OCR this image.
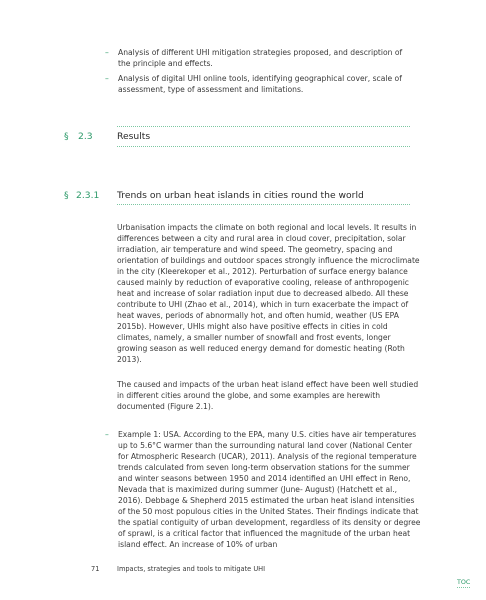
– Analysis of different UHI mitigation strategies proposed, and description of the principle and effects.
– Analysis of digital UHI online tools, identifying geographical cover, scale of assessment, type of assessment and limitations.
§ 2.3	Results
§ 2.3.1 Trends on urban heat islands in cities round the world

Urbanisation impacts the climate on both regional and local levels. It results in differences between a city and rural area in cloud cover, precipitation, solar irradiation, air temperature and wind speed. The geometry, spacing and orientation of buildings and outdoor spaces strongly influence the microclimate in the city (Kleerekoper et al., 2012). Perturbation of surface energy balance caused mainly by reduction of evaporative cooling, release of anthropogenic heat and increase of solar radiation input due to decreased albedo. All these contribute to UHI (Zhao et al., 2014), which in turn exacerbate the impact of heat waves, periods of abnormally hot, and often humid, weather (US EPA 2015b). However, UHIs might also have positive effects in cities in cold climates, namely, a smaller number of snowfall and frost events, longer growing season as well reduced energy demand for domestic heating (Roth 2013).

The caused and impacts of the urban heat island effect have been well studied in different cities around the globe, and some examples are herewith documented (Figure 2.1).

– Example 1: USA. According to the EPA, many U.S. cities have air temperatures up to 5.6°C warmer than the surrounding natural land cover (National Center for Atmospheric Research (UCAR), 2011). Analysis of the regional temperature trends calculated from seven long-term observation stations for the summer and winter seasons between 1950 and 2014 identified an UHI effect in Reno, Nevada that is maximized during summer (June- August) (Hatchett et al., 2016). Debbage & Shepherd 2015 estimated the urban heat island intensities of the 50 most populous cities in the United States. Their findings indicate that the spatial contiguity of urban development, regardless of its density or degree of sprawl, is a critical factor that influenced the magnitude of the urban heat island effect. An increase of 10% of urban
71	Impacts, strategies and tools to mitigate UHI
TOC
